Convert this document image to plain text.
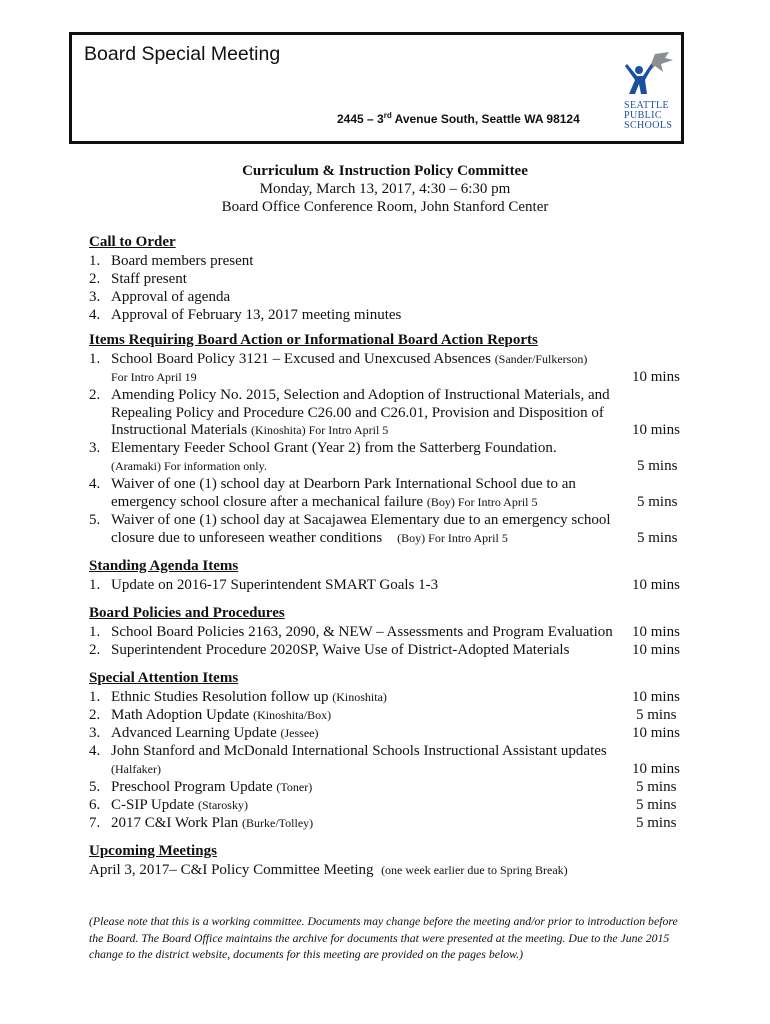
Board Special Meeting
2445 – 3rd Avenue South, Seattle WA 98124
SEATTLE
PUBLIC
SCHOOLS
Curriculum & Instruction Policy Committee
Monday, March 13, 2017, 4:30 – 6:30 pm
Board Office Conference Room, John Stanford Center
Call to Order
1. Board members present
2. Staff present
3. Approval of agenda
4. Approval of February 13, 2017 meeting minutes
Items Requiring Board Action or Informational Board Action Reports
1. School Board Policy 3121 – Excused and Unexcused Absences (Sander/Fulkerson)
For Intro April 19	10 mins
2. Amending Policy No. 2015, Selection and Adoption of Instructional Materials, and
Repealing Policy and Procedure C26.00 and C26.01, Provision and Disposition of
Instructional Materials (Kinoshita) For Intro April 5	10 mins
3. Elementary Feeder School Grant (Year 2) from the Satterberg Foundation.
(Aramaki) For information only.	5 mins
4. Waiver of one (1) school day at Dearborn Park International School due to an
emergency school closure after a mechanical failure (Boy) For Intro April 5	5 mins
5. Waiver of one (1) school day at Sacajawea Elementary due to an emergency school
closure due to unforeseen weather conditions (Boy) For Intro April 5	5 mins
Standing Agenda Items
1. Update on 2016-17 Superintendent SMART Goals 1-3	10 mins
Board Policies and Procedures
1. School Board Policies 2163, 2090, & NEW – Assessments and Program Evaluation 10 mins
2. Superintendent Procedure 2020SP, Waive Use of District-Adopted Materials	10 mins
Special Attention Items
1. Ethnic Studies Resolution follow up (Kinoshita)	10 mins
2. Math Adoption Update (Kinoshita/Box)	5 mins
3. Advanced Learning Update (Jessee)	10 mins
4. John Stanford and McDonald International Schools Instructional Assistant updates
(Halfaker)	10 mins
5. Preschool Program Update (Toner)	5 mins
6. C-SIP Update (Starosky)	5 mins
7. 2017 C&I Work Plan (Burke/Tolley)	5 mins
Upcoming Meetings
April 3, 2017– C&I Policy Committee Meeting (one week earlier due to Spring Break)
(Please note that this is a working committee. Documents may change before the meeting and/or prior to introduction before the Board. The Board Office maintains the archive for documents that were presented at the meeting. Due to the June 2015 change to the district website, documents for this meeting are provided on the pages below.)
